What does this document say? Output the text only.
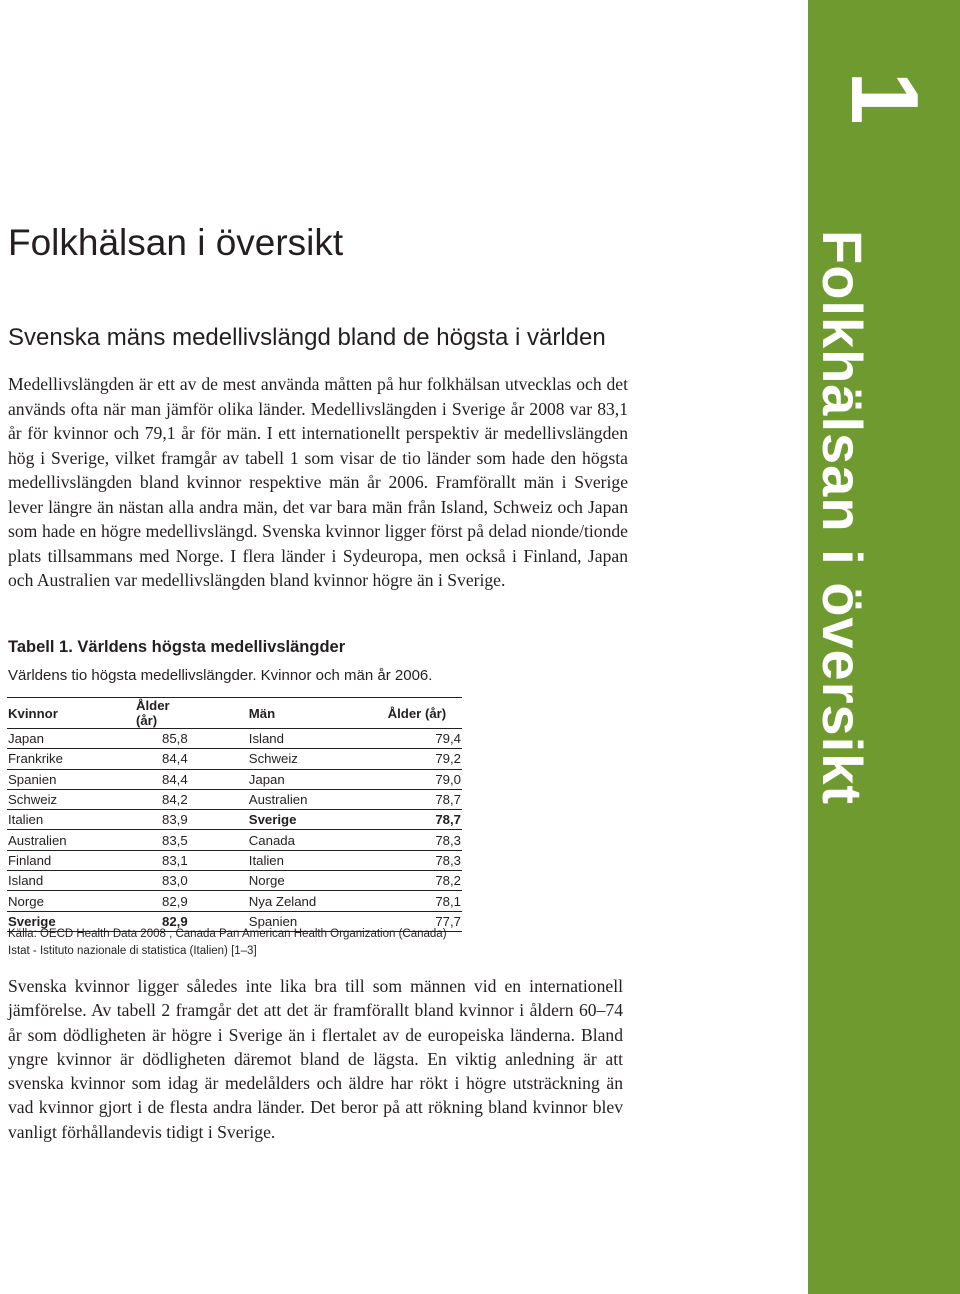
1
Folkhälsan i översikt
Folkhälsan i översikt
Svenska mäns medellivslängd bland de högsta i världen

Medellivslängden är ett av de mest använda måtten på hur folkhälsan utvecklas och det används ofta när man jämför olika länder. Medellivslängden i Sverige år 2008 var 83,1 år för kvinnor och 79,1 år för män. I ett internationellt perspektiv är medellivslängden hög i Sverige, vilket framgår av tabell 1 som visar de tio länder som hade den högsta medellivslängden bland kvinnor respektive män år 2006. Framförallt män i Sverige lever längre än nästan alla andra män, det var bara män från Island, Schweiz och Japan som hade en högre medellivslängd. Svenska kvinnor ligger först på delad nionde/tionde plats tillsammans med Norge. I flera länder i Sydeuropa, men också i Finland, Japan och Australien var medellivslängden bland kvinnor högre än i Sverige.

Tabell 1. Världens högsta medellivslängder

Världens tio högsta medellivslängder. Kvinnor och män år 2006.

Kvinnor	Ålder (år)		Män	Ålder (år)
Japan	85,8		Island	79,4
Frankrike	84,4		Schweiz	79,2
Spanien	84,4		Japan	79,0
Schweiz	84,2		Australien	78,7
Italien	83,9		Sverige	78,7
Australien	83,5		Canada	78,3
Finland	83,1		Italien	78,3
Island	83,0		Norge	78,2
Norge	82,9		Nya Zeland	78,1
Sverige	82,9		Spanien	77,7
Källa: OECD Health Data 2008 , Canada Pan American Health Organization (Canada)
Istat - Istituto nazionale di statistica (Italien) [1–3]

Svenska kvinnor ligger således inte lika bra till som männen vid en internationell jämförelse. Av tabell 2 framgår det att det är framförallt bland kvinnor i åldern 60–74 år som dödligheten är högre i Sverige än i flertalet av de europeiska länderna. Bland yngre kvinnor är dödligheten däremot bland de lägsta. En viktig anledning är att svenska kvinnor som idag är medelålders och äldre har rökt i högre utsträckning än vad kvinnor gjort i de flesta andra länder. Det beror på att rökning bland kvinnor blev vanligt förhållandevis tidigt i Sverige.
